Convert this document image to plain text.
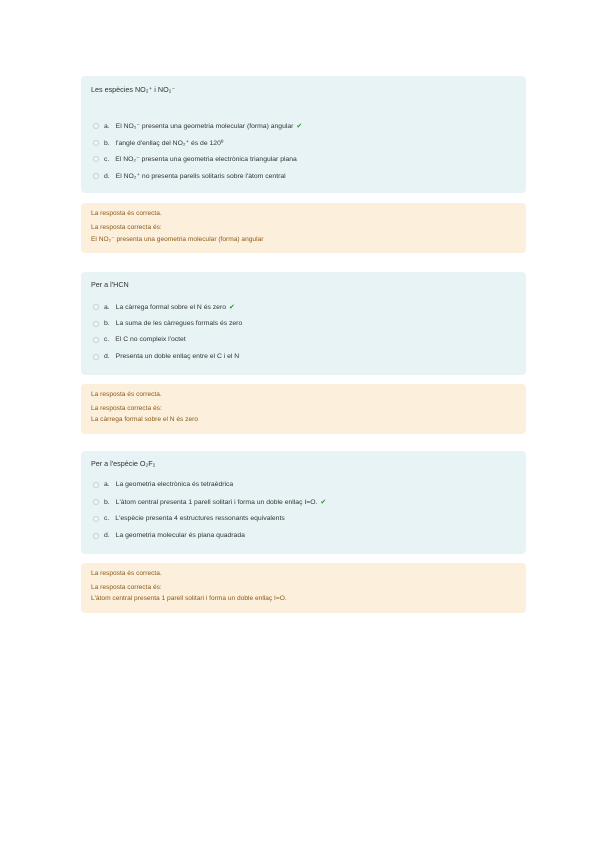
Les espècies NO₂⁺ i NO₂⁻
a. El NO₂⁻ presenta una geometria molecular (forma) angular ✔
b. l'angle d'enllaç del NO₂⁺ és de 120º
c. El NO₂⁻ presenta una geometria electrònica triangular plana
d. El NO₂⁺ no presenta parells solitaris sobre l'àtom central
La resposta és correcta.
La resposta correcta és:
El NO₂⁻ presenta una geometria molecular (forma) angular
Per a l'HCN
a. La càrrega formal sobre el N és zero ✔
b. La suma de les càrregues formals és zero
c. El C no compleix l'octet
d. Presenta un doble enllaç entre el C i el N
La resposta és correcta.
La resposta correcta és:
La càrrega formal sobre el N és zero
Per a l'espècie O₂F₂
a. La geometria electrònica és tetraèdrica
b. L'àtom central presenta 1 parell solitari i forma un doble enllaç I=O. ✔
c. L'espècie presenta 4 estructures ressonants equivalents
d. La geometria molecular és plana quadrada
La resposta és correcta.
La resposta correcta és:
L'àtom central presenta 1 parell solitari i forma un doble enllaç I=O.
